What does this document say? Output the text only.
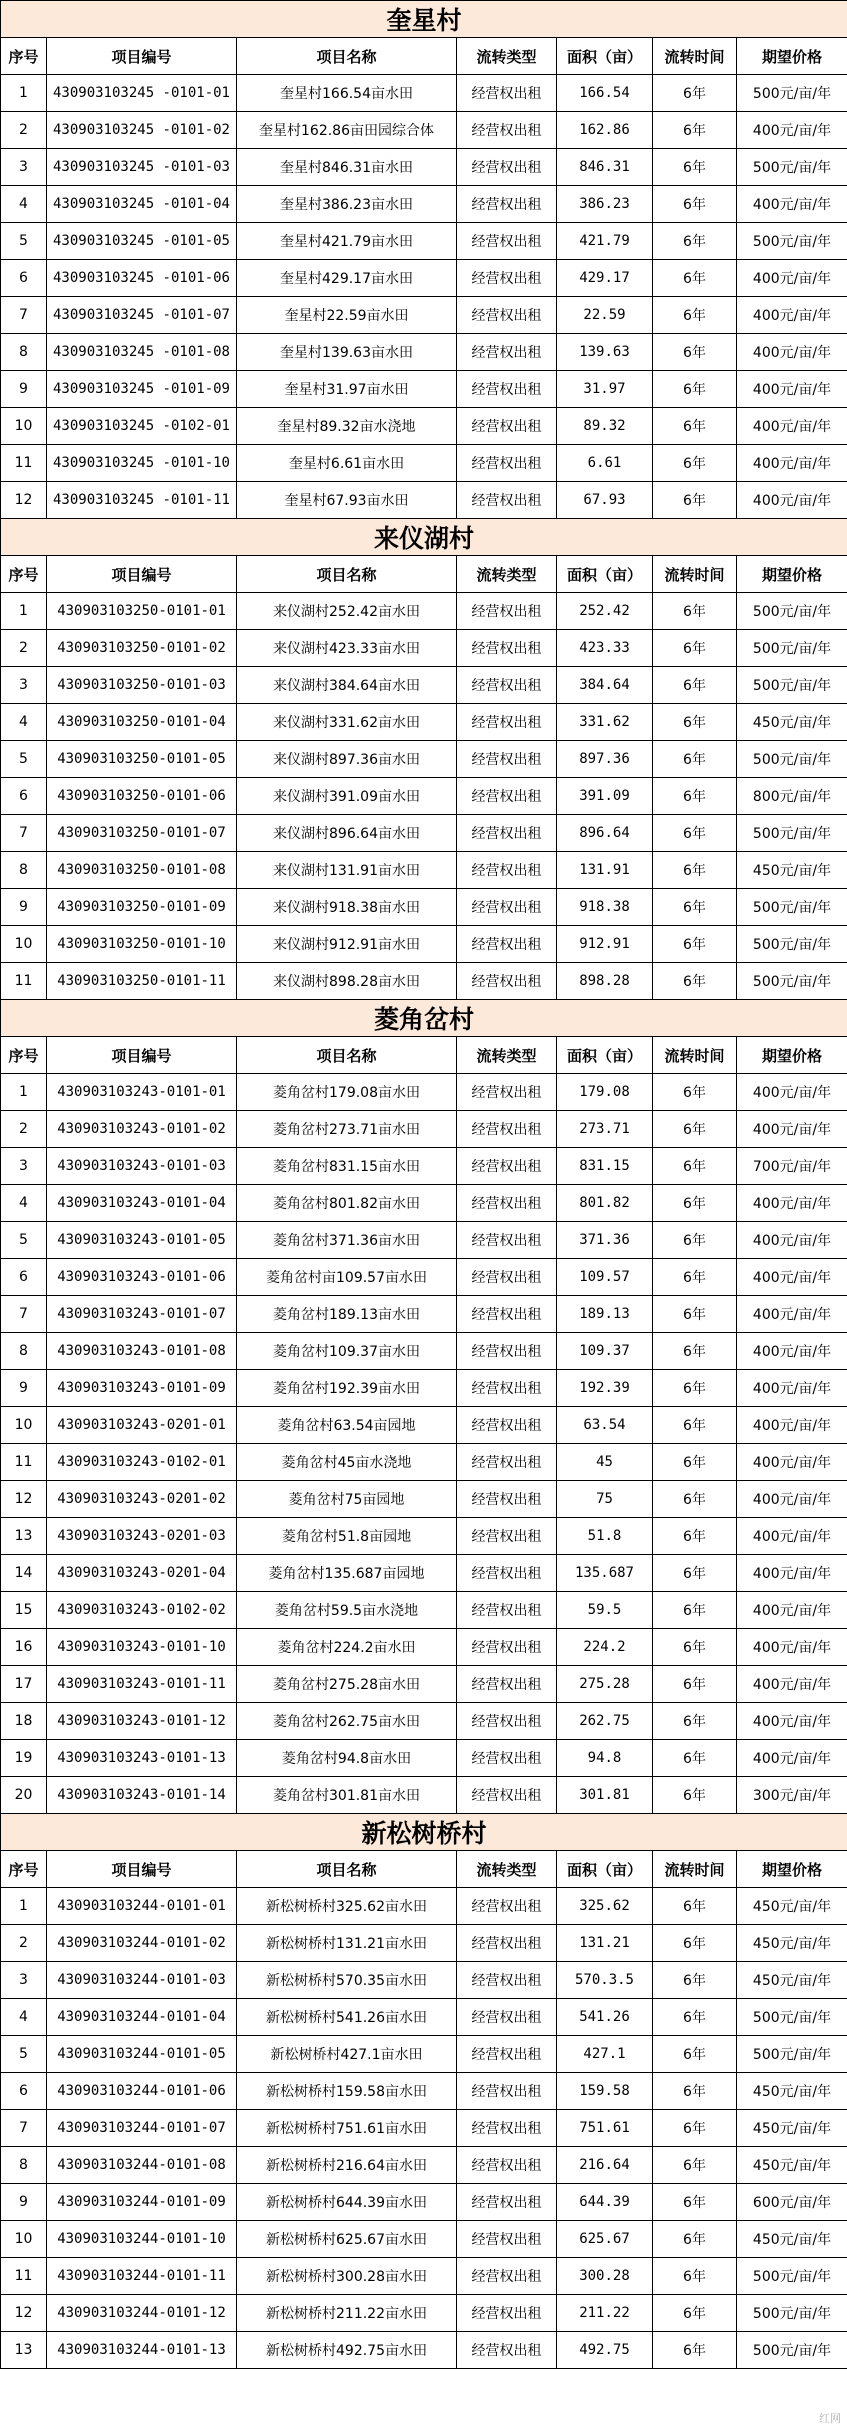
奎星村						
序号	项目编号	项目名称	流转类型	面积（亩）	流转时间	期望价格
1	430903103245 -0101-01	奎星村166.54亩水田	经营权出租	166.54	6年	500元/亩/年
2	430903103245 -0101-02	奎星村162.86亩田园综合体	经营权出租	162.86	6年	400元/亩/年
3	430903103245 -0101-03	奎星村846.31亩水田	经营权出租	846.31	6年	500元/亩/年
4	430903103245 -0101-04	奎星村386.23亩水田	经营权出租	386.23	6年	400元/亩/年
5	430903103245 -0101-05	奎星村421.79亩水田	经营权出租	421.79	6年	500元/亩/年
6	430903103245 -0101-06	奎星村429.17亩水田	经营权出租	429.17	6年	400元/亩/年
7	430903103245 -0101-07	奎星村22.59亩水田	经营权出租	22.59	6年	400元/亩/年
8	430903103245 -0101-08	奎星村139.63亩水田	经营权出租	139.63	6年	400元/亩/年
9	430903103245 -0101-09	奎星村31.97亩水田	经营权出租	31.97	6年	400元/亩/年
10	430903103245 -0102-01	奎星村89.32亩水浇地	经营权出租	89.32	6年	400元/亩/年
11	430903103245 -0101-10	奎星村6.61亩水田	经营权出租	6.61	6年	400元/亩/年
12	430903103245 -0101-11	奎星村67.93亩水田	经营权出租	67.93	6年	400元/亩/年
来仪湖村						
序号	项目编号	项目名称	流转类型	面积（亩）	流转时间	期望价格
1	430903103250-0101-01	来仪湖村252.42亩水田	经营权出租	252.42	6年	500元/亩/年
2	430903103250-0101-02	来仪湖村423.33亩水田	经营权出租	423.33	6年	500元/亩/年
3	430903103250-0101-03	来仪湖村384.64亩水田	经营权出租	384.64	6年	500元/亩/年
4	430903103250-0101-04	来仪湖村331.62亩水田	经营权出租	331.62	6年	450元/亩/年
5	430903103250-0101-05	来仪湖村897.36亩水田	经营权出租	897.36	6年	500元/亩/年
6	430903103250-0101-06	来仪湖村391.09亩水田	经营权出租	391.09	6年	800元/亩/年
7	430903103250-0101-07	来仪湖村896.64亩水田	经营权出租	896.64	6年	500元/亩/年
8	430903103250-0101-08	来仪湖村131.91亩水田	经营权出租	131.91	6年	450元/亩/年
9	430903103250-0101-09	来仪湖村918.38亩水田	经营权出租	918.38	6年	500元/亩/年
10	430903103250-0101-10	来仪湖村912.91亩水田	经营权出租	912.91	6年	500元/亩/年
11	430903103250-0101-11	来仪湖村898.28亩水田	经营权出租	898.28	6年	500元/亩/年
菱角岔村						
序号	项目编号	项目名称	流转类型	面积（亩）	流转时间	期望价格
1	430903103243-0101-01	菱角岔村179.08亩水田	经营权出租	179.08	6年	400元/亩/年
2	430903103243-0101-02	菱角岔村273.71亩水田	经营权出租	273.71	6年	400元/亩/年
3	430903103243-0101-03	菱角岔村831.15亩水田	经营权出租	831.15	6年	700元/亩/年
4	430903103243-0101-04	菱角岔村801.82亩水田	经营权出租	801.82	6年	400元/亩/年
5	430903103243-0101-05	菱角岔村371.36亩水田	经营权出租	371.36	6年	400元/亩/年
6	430903103243-0101-06	菱角岔村亩109.57亩水田	经营权出租	109.57	6年	400元/亩/年
7	430903103243-0101-07	菱角岔村189.13亩水田	经营权出租	189.13	6年	400元/亩/年
8	430903103243-0101-08	菱角岔村109.37亩水田	经营权出租	109.37	6年	400元/亩/年
9	430903103243-0101-09	菱角岔村192.39亩水田	经营权出租	192.39	6年	400元/亩/年
10	430903103243-0201-01	菱角岔村63.54亩园地	经营权出租	63.54	6年	400元/亩/年
11	430903103243-0102-01	菱角岔村45亩水浇地	经营权出租	45	6年	400元/亩/年
12	430903103243-0201-02	菱角岔村75亩园地	经营权出租	75	6年	400元/亩/年
13	430903103243-0201-03	菱角岔村51.8亩园地	经营权出租	51.8	6年	400元/亩/年
14	430903103243-0201-04	菱角岔村135.687亩园地	经营权出租	135.687	6年	400元/亩/年
15	430903103243-0102-02	菱角岔村59.5亩水浇地	经营权出租	59.5	6年	400元/亩/年
16	430903103243-0101-10	菱角岔村224.2亩水田	经营权出租	224.2	6年	400元/亩/年
17	430903103243-0101-11	菱角岔村275.28亩水田	经营权出租	275.28	6年	400元/亩/年
18	430903103243-0101-12	菱角岔村262.75亩水田	经营权出租	262.75	6年	400元/亩/年
19	430903103243-0101-13	菱角岔村94.8亩水田	经营权出租	94.8	6年	400元/亩/年
20	430903103243-0101-14	菱角岔村301.81亩水田	经营权出租	301.81	6年	300元/亩/年
新松树桥村						
序号	项目编号	项目名称	流转类型	面积（亩）	流转时间	期望价格
1	430903103244-0101-01	新松树桥村325.62亩水田	经营权出租	325.62	6年	450元/亩/年
2	430903103244-0101-02	新松树桥村131.21亩水田	经营权出租	131.21	6年	450元/亩/年
3	430903103244-0101-03	新松树桥村570.35亩水田	经营权出租	570.3.5	6年	450元/亩/年
4	430903103244-0101-04	新松树桥村541.26亩水田	经营权出租	541.26	6年	500元/亩/年
5	430903103244-0101-05	新松树桥村427.1亩水田	经营权出租	427.1	6年	500元/亩/年
6	430903103244-0101-06	新松树桥村159.58亩水田	经营权出租	159.58	6年	450元/亩/年
7	430903103244-0101-07	新松树桥村751.61亩水田	经营权出租	751.61	6年	450元/亩/年
8	430903103244-0101-08	新松树桥村216.64亩水田	经营权出租	216.64	6年	450元/亩/年
9	430903103244-0101-09	新松树桥村644.39亩水田	经营权出租	644.39	6年	600元/亩/年
10	430903103244-0101-10	新松树桥村625.67亩水田	经营权出租	625.67	6年	450元/亩/年
11	430903103244-0101-11	新松树桥村300.28亩水田	经营权出租	300.28	6年	500元/亩/年
12	430903103244-0101-12	新松树桥村211.22亩水田	经营权出租	211.22	6年	500元/亩/年
13	430903103244-0101-13	新松树桥村492.75亩水田	经营权出租	492.75	6年	500元/亩/年
红网
